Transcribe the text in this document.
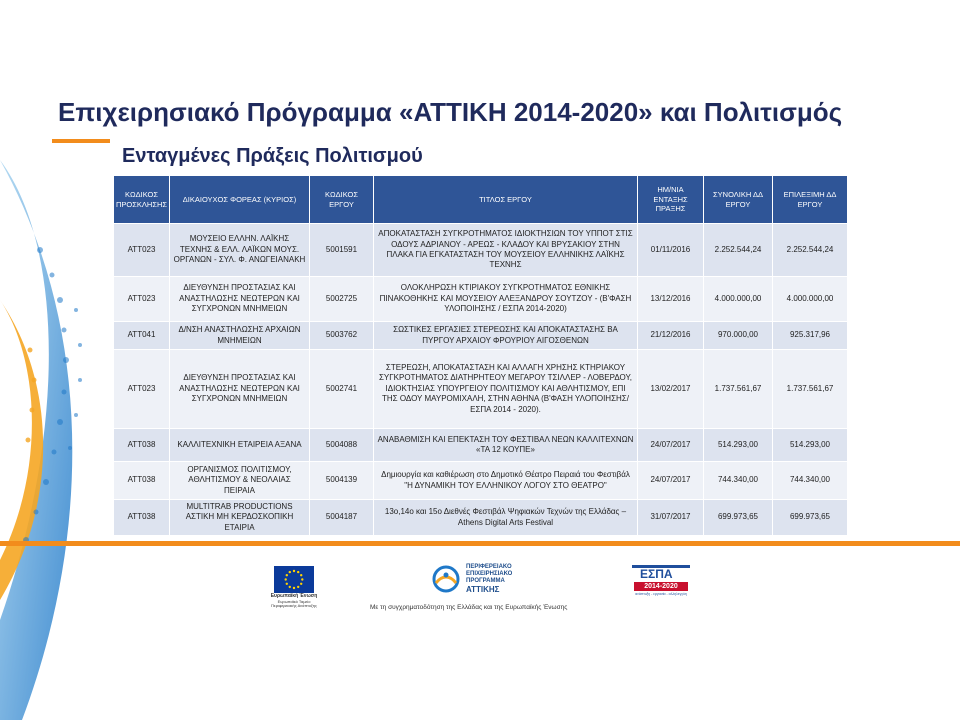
Επιχειρησιακό Πρόγραμμα «ΑΤΤΙΚΗ 2014-2020» και Πολιτισμός
Ενταγμένες Πράξεις Πολιτισμού
ΚΩΔΙΚΟΣ ΠΡΟΣΚΛΗΣΗΣ	ΔΙΚΑΙΟΥΧΟΣ ΦΟΡΕΑΣ (ΚΥΡΙΟΣ)	ΚΩΔΙΚΟΣ ΕΡΓΟΥ	ΤΙΤΛΟΣ ΕΡΓΟΥ	ΗΜ/ΝΙΑ ΕΝΤΑΞΗΣ ΠΡΑΞΗΣ	ΣΥΝΟΛΙΚΗ ΔΔ ΕΡΓΟΥ	ΕΠΙΛΕΞΙΜΗ ΔΔ ΕΡΓΟΥ
ΑΤΤ023	ΜΟΥΣΕΙΟ ΕΛΛΗΝ. ΛΑΪΚΗΣ ΤΕΧΝΗΣ & ΕΛΛ. ΛΑΪΚΩΝ ΜΟΥΣ. ΟΡΓΑΝΩΝ - ΣΥΛ. Φ. ΑΝΩΓΕΙΑΝΑΚΗ	5001591	ΑΠΟΚΑΤΑΣΤΑΣΗ ΣΥΓΚΡΟΤΗΜΑΤΟΣ ΙΔΙΟΚΤΗΣΙΩΝ ΤΟΥ ΥΠΠΟΤ ΣΤΙΣ ΟΔΟΥΣ ΑΔΡΙΑΝΟΥ - ΑΡΕΩΣ - ΚΛΑΔΟΥ ΚΑΙ ΒΡΥΣΑΚΙΟΥ ΣΤΗΝ ΠΛΑΚΑ ΓΙΑ ΕΓΚΑΤΑΣΤΑΣΗ ΤΟΥ ΜΟΥΣΕΙΟΥ ΕΛΛΗΝΙΚΗΣ ΛΑΪΚΗΣ ΤΕΧΝΗΣ	01/11/2016	2.252.544,24	2.252.544,24
ΑΤΤ023	ΔΙΕΥΘΥΝΣΗ ΠΡΟΣΤΑΣΙΑΣ ΚΑΙ ΑΝΑΣΤΗΛΩΣΗΣ ΝΕΩΤΕΡΩΝ ΚΑΙ ΣΥΓΧΡΟΝΩΝ ΜΝΗΜΕΙΩΝ	5002725	ΟΛΟΚΛΗΡΩΣΗ ΚΤΙΡΙΑΚΟΥ ΣΥΓΚΡΟΤΗΜΑΤΟΣ ΕΘΝΙΚΗΣ ΠΙΝΑΚΟΘΗΚΗΣ ΚΑΙ ΜΟΥΣΕΙΟΥ ΑΛΕΞΑΝΔΡΟΥ ΣΟΥΤΖΟΥ - (Β'ΦΑΣΗ ΥΛΟΠΟΙΗΣΗΣ / ΕΣΠΑ 2014-2020)	13/12/2016	4.000.000,00	4.000.000,00
ΑΤΤ041	Δ/ΝΣΗ ΑΝΑΣΤΗΛΩΣΗΣ ΑΡΧΑΙΩΝ ΜΝΗΜΕΙΩΝ	5003762	ΣΩΣΤΙΚΕΣ ΕΡΓΑΣΙΕΣ ΣΤΕΡΕΩΣΗΣ ΚΑΙ ΑΠΟΚΑΤΑΣΤΑΣΗΣ ΒΑ ΠΥΡΓΟΥ ΑΡΧΑΙΟΥ ΦΡΟΥΡΙΟΥ ΑΙΓΟΣΘΕΝΩΝ	21/12/2016	970.000,00	925.317,96
ΑΤΤ023	ΔΙΕΥΘΥΝΣΗ ΠΡΟΣΤΑΣΙΑΣ ΚΑΙ ΑΝΑΣΤΗΛΩΣΗΣ ΝΕΩΤΕΡΩΝ ΚΑΙ ΣΥΓΧΡΟΝΩΝ ΜΝΗΜΕΙΩΝ	5002741	ΣΤΕΡΕΩΣΗ, ΑΠΟΚΑΤΑΣΤΑΣΗ ΚΑΙ ΑΛΛΑΓΗ ΧΡΗΣΗΣ ΚΤΗΡΙΑΚΟΥ ΣΥΓΚΡΟΤΗΜΑΤΟΣ ΔΙΑΤΗΡΗΤΕΟΥ ΜΕΓΑΡΟΥ ΤΣΙΛΛΕΡ - ΛΟΒΕΡΔΟΥ, ΙΔΙΟΚΤΗΣΙΑΣ ΥΠΟΥΡΓΕΙΟΥ ΠΟΛΙΤΙΣΜΟΥ ΚΑΙ ΑΘΛΗΤΙΣΜΟΥ, ΕΠΙ ΤΗΣ ΟΔΟΥ ΜΑΥΡΟΜΙΧΑΛΗ, ΣΤΗΝ ΑΘΗΝΑ (Β'ΦΑΣΗ ΥΛΟΠΟΙΗΣΗΣ/ ΕΣΠΑ 2014 - 2020).	13/02/2017	1.737.561,67	1.737.561,67
ΑΤΤ038	ΚΑΛΛΙΤΕΧΝΙΚΗ ΕΤΑΙΡΕΙΑ ΑΞΑΝΑ	5004088	ΑΝΑΒΑΘΜΙΣΗ ΚΑΙ ΕΠΕΚΤΑΣΗ ΤΟΥ ΦΕΣΤΙΒΑΛ ΝΕΩΝ ΚΑΛΛΙΤΕΧΝΩΝ «ΤΑ 12 ΚΟΥΠΕ»	24/07/2017	514.293,00	514.293,00
ΑΤΤ038	ΟΡΓΑΝΙΣΜΟΣ ΠΟΛΙΤΙΣΜΟΥ, ΑΘΛΗΤΙΣΜΟΥ & ΝΕΟΛΑΙΑΣ ΠΕΙΡΑΙΑ	5004139	Δημιουργία και καθιέρωση στο Δημοτικό Θέατρο Πειραιά του Φεστιβάλ "Η ΔΥΝΑΜΙΚΗ ΤΟΥ ΕΛΛΗΝΙΚΟΥ ΛΟΓΟΥ ΣΤΟ ΘΕΑΤΡΟ"	24/07/2017	744.340,00	744.340,00
ΑΤΤ038	MULTITRAB PRODUCTIONS ΑΣΤΙΚΗ ΜΗ ΚΕΡΔΟΣΚΟΠΙΚΗ ΕΤΑΙΡΙΑ	5004187	13ο,14ο και 15ο Διεθνές Φεστιβάλ Ψηφιακών Τεχνών της Ελλάδας – Athens Digital Arts Festival	31/07/2017	699.973,65	699.973,65
Ευρωπαϊκή Ένωση
Ευρωπαϊκό Ταμείο Περιφερειακής Ανάπτυξης
ΠΕΡΙΦΕΡΕΙΑΚΟ
ΕΠΙΧΕΙΡΗΣΙΑΚΟ
ΠΡΟΓΡΑΜΜΑ
ΑΤΤΙΚΗΣ
ΕΣΠΑ
2014-2020
ανάπτυξη - εργασία - αλληλεγγύη
Με τη συγχρηματοδότηση της Ελλάδας και της Ευρωπαϊκής Ένωσης
